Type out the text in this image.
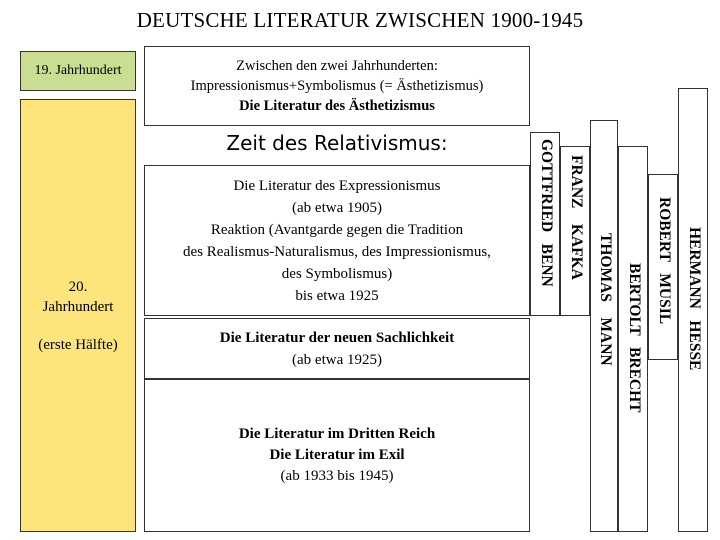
DEUTSCHE LITERATUR ZWISCHEN 1900-1945
19. Jahrhundert
20.
Jahrhundert
(erste Hälfte)
Zwischen den zwei Jahrhunderten:
Impressionismus+Symbolismus (= Ästhetizismus)
Die Literatur des Ästhetizismus
Zeit des Relativismus:
Die Literatur des Expressionismus
(ab etwa 1905)
Reaktion (Avantgarde gegen die Tradition
des Realismus-Naturalismus, des Impressionismus,
des Symbolismus)
bis etwa 1925
Die Literatur der neuen Sachlichkeit
(ab etwa 1925)
Die Literatur im Dritten Reich
Die Literatur im Exil
(ab 1933 bis 1945)
GOTTFRIED   BENN FRANZ    KAFKA
THOMAS    MANN BERTOLT   BRECHT
ROBERT   MUSIL HERMANN   HESSE
